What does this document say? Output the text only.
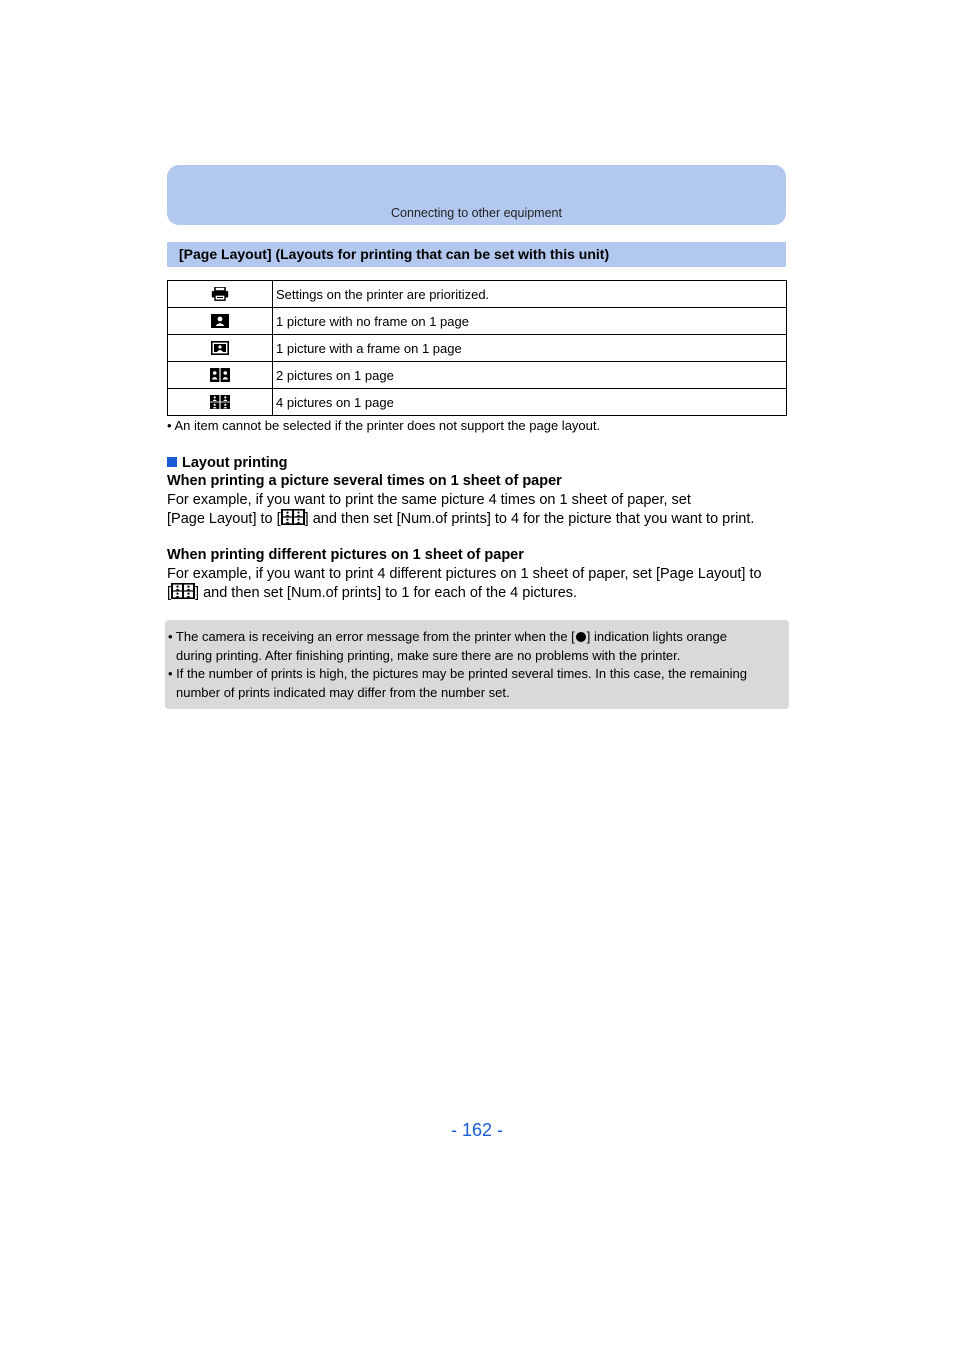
Connecting to other equipment
[Page Layout] (Layouts for printing that can be set with this unit)
	Settings on the printer are prioritized.

	1 picture with no frame on 1 page

	1 picture with a frame on 1 page

	2 pictures on 1 page

	4 pictures on 1 page
• An item cannot be selected if the printer does not support the page layout.
Layout printing
When printing a picture several times on 1 sheet of paper
For example, if you want to print the same picture 4 times on 1 sheet of paper, set
[Page Layout] to [ ] and then set [Num.of prints] to 4 for the picture that you want to print.
When printing different pictures on 1 sheet of paper
For example, if you want to print 4 different pictures on 1 sheet of paper, set [Page Layout] to
[ ] and then set [Num.of prints] to 1 for each of the 4 pictures.
• The camera is receiving an error message from the printer when the [ ] indication lights orange
during printing. After finishing printing, make sure there are no problems with the printer.
• If the number of prints is high, the pictures may be printed several times. In this case, the remaining
number of prints indicated may differ from the number set.
- 162 -
